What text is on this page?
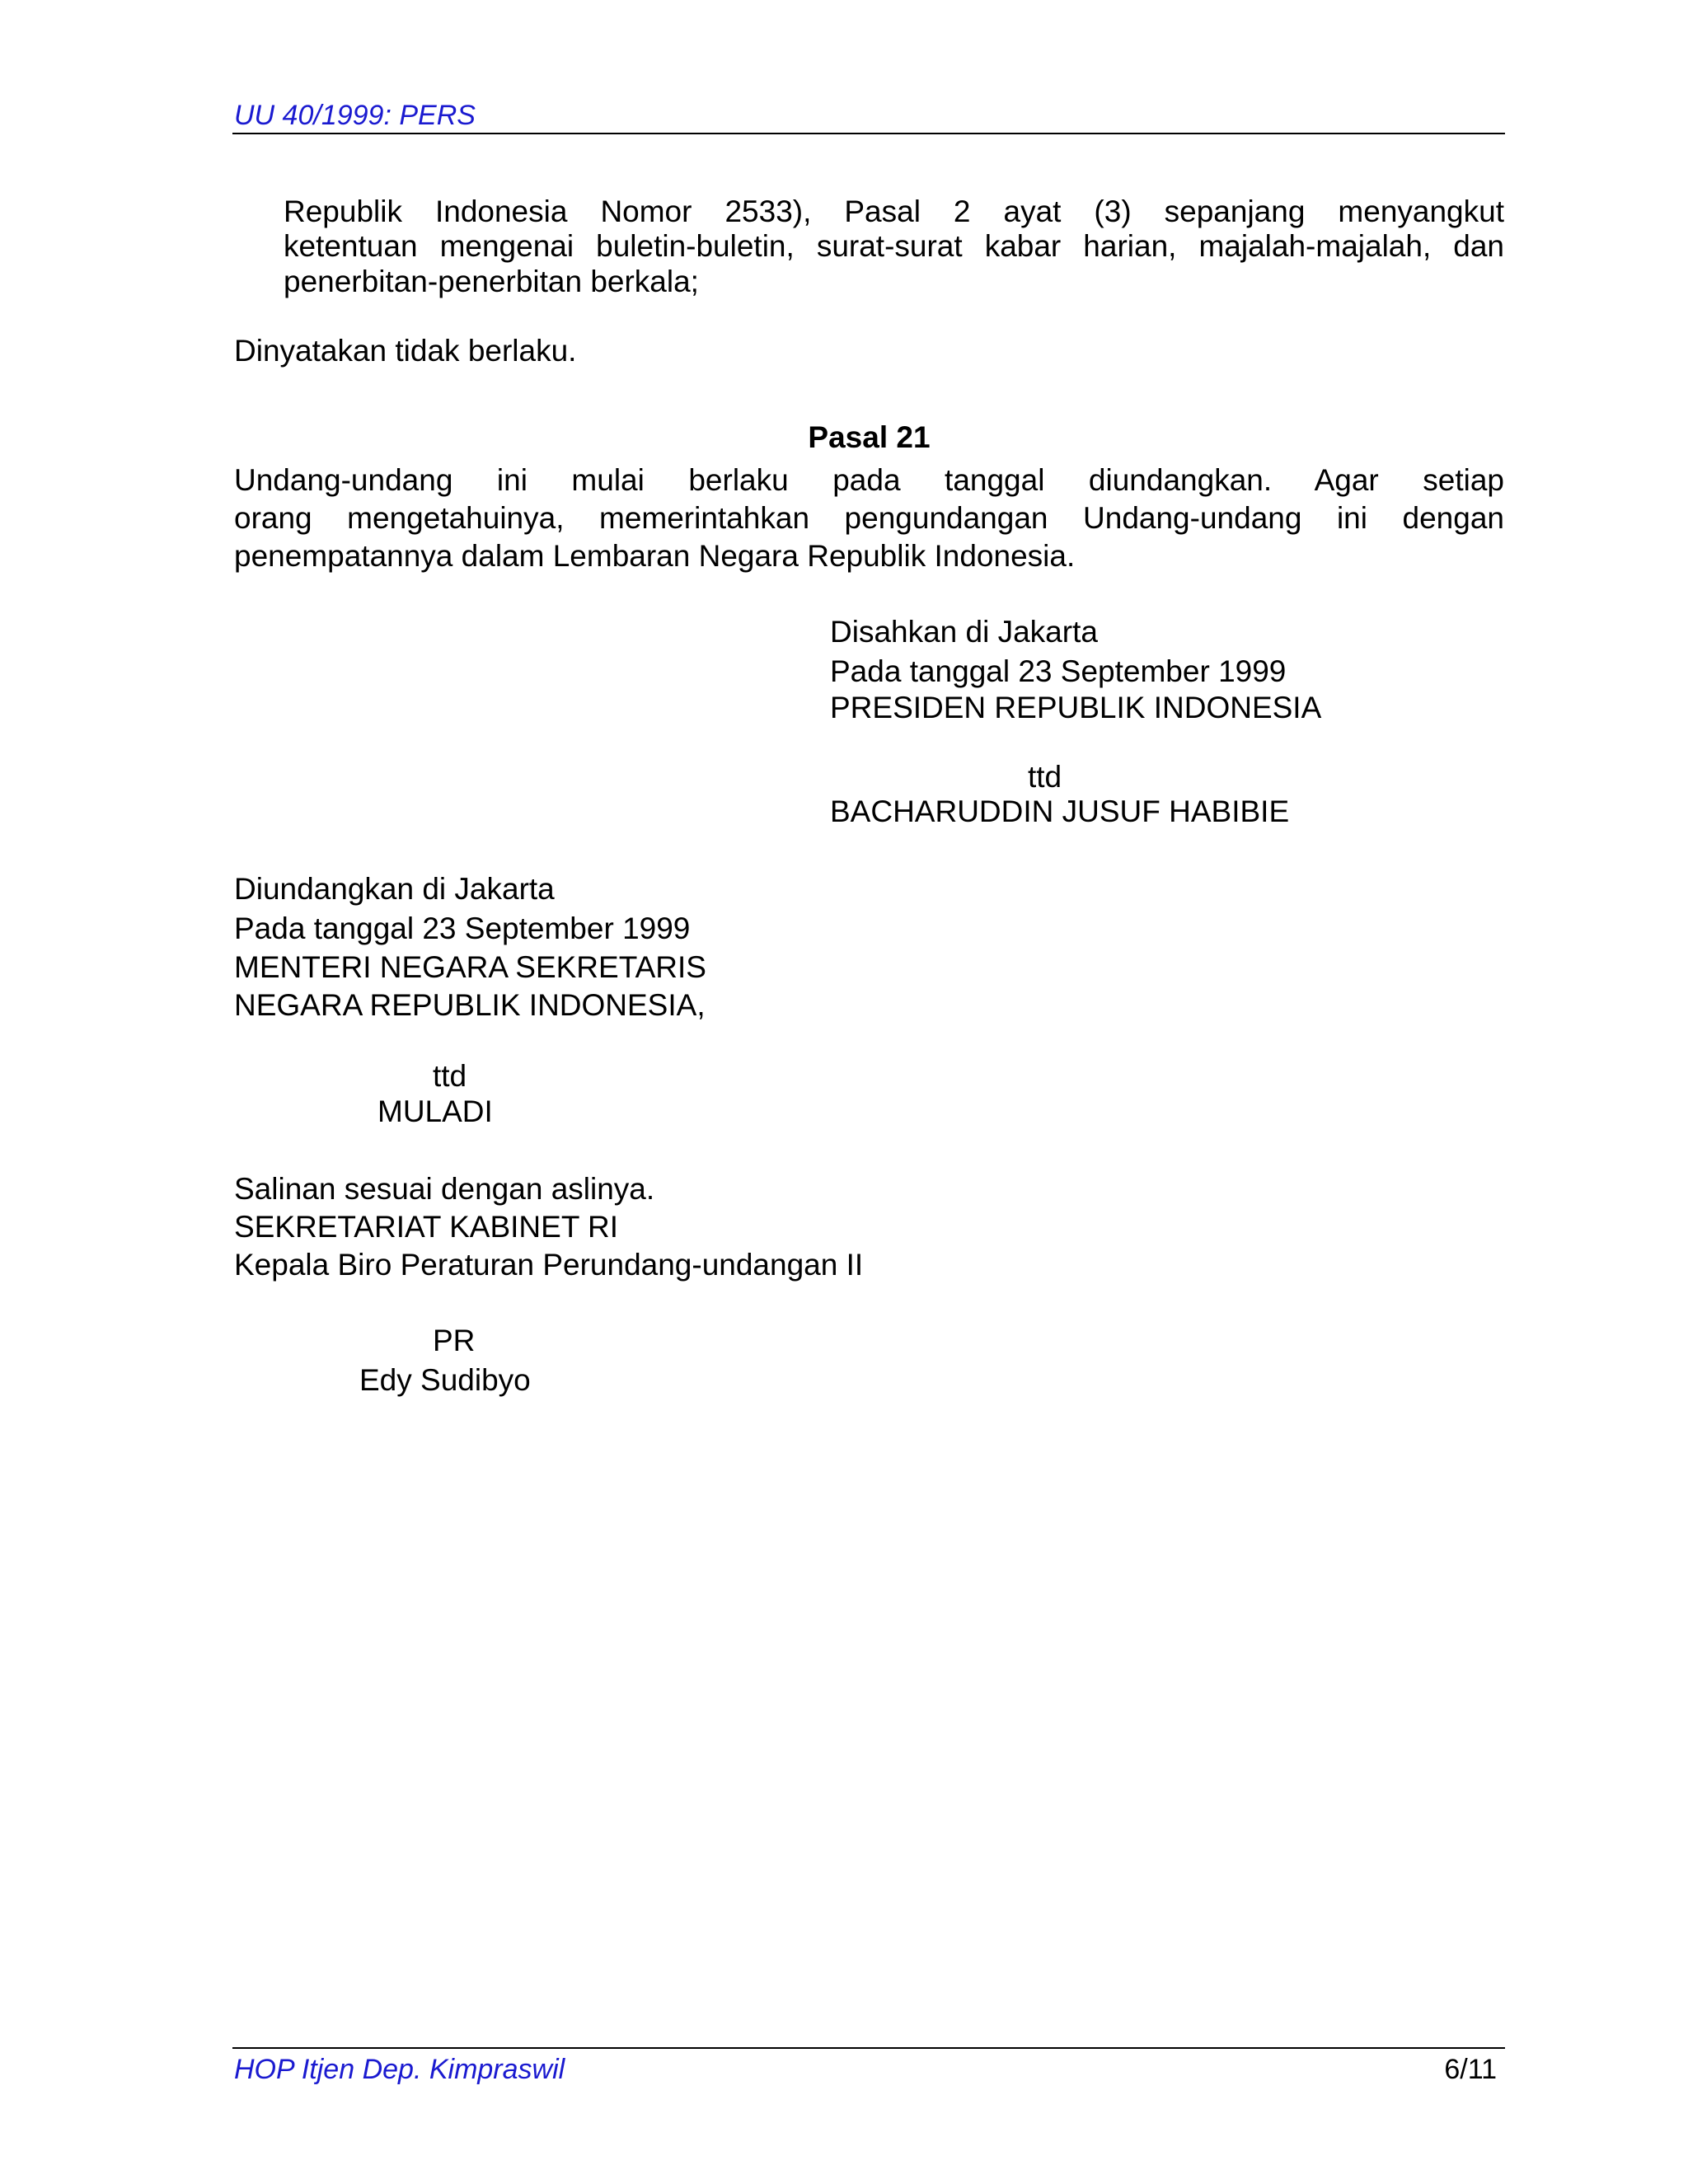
UU 40/1999: PERS

Republik Indonesia Nomor 2533), Pasal 2 ayat (3) sepanjang menyangkut

ketentuan mengenai buletin-buletin, surat-surat kabar harian, majalah-majalah, dan

penerbitan-penerbitan berkala;

Dinyatakan tidak berlaku.

Pasal 21

Undang-undang ini mulai berlaku pada tanggal diundangkan. Agar setiap

orang mengetahuinya, memerintahkan pengundangan Undang-undang ini dengan

penempatannya dalam Lembaran Negara Republik Indonesia.

Disahkan di Jakarta

Pada tanggal 23 September 1999

PRESIDEN REPUBLIK INDONESIA

ttd

BACHARUDDIN JUSUF HABIBIE

Diundangkan di Jakarta

Pada tanggal 23 September 1999

MENTERI NEGARA SEKRETARIS

NEGARA REPUBLIK INDONESIA,

ttd

MULADI

Salinan sesuai dengan aslinya.

SEKRETARIAT KABINET RI

Kepala Biro Peraturan Perundang-undangan II

PR

Edy Sudibyo

HOP Itjen Dep. Kimpraswil	6/11
